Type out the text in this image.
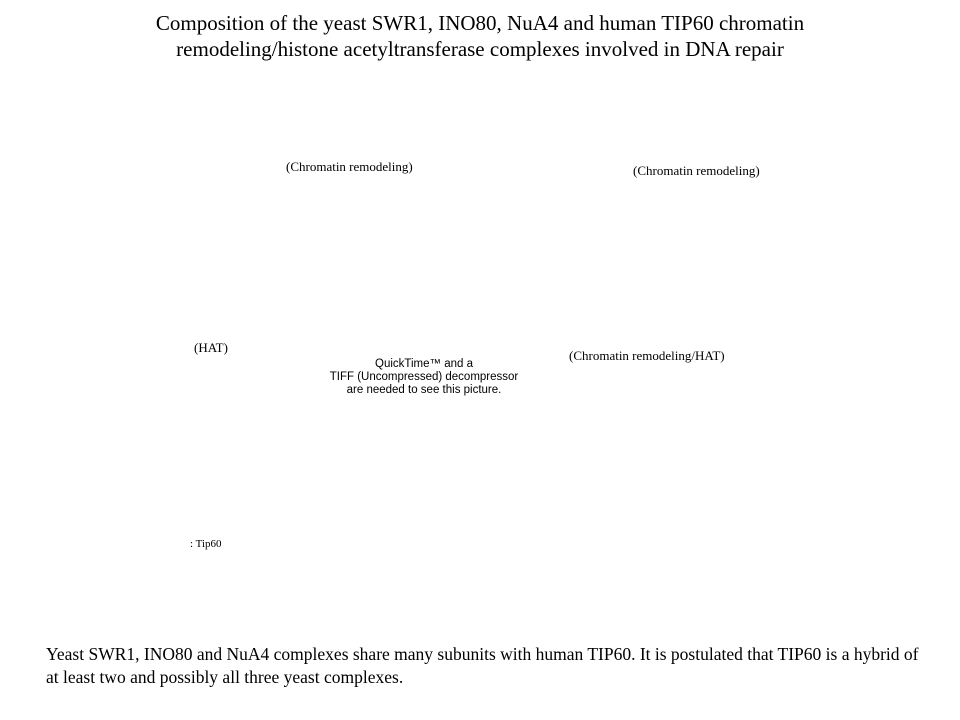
Composition of the yeast SWR1, INO80, NuA4 and human TIP60 chromatin
remodeling/histone acetyltransferase complexes involved in DNA repair
(Chromatin remodeling)	(Chromatin remodeling)
(HAT)
(Chromatin remodeling/HAT)
QuickTime™ and a
TIFF (Uncompressed) decompressor
are needed to see this picture.
: Tip60
Yeast SWR1, INO80 and NuA4 complexes share many subunits with human TIP60. It is postulated that TIP60 is a hybrid of at least two and possibly all three yeast complexes.
